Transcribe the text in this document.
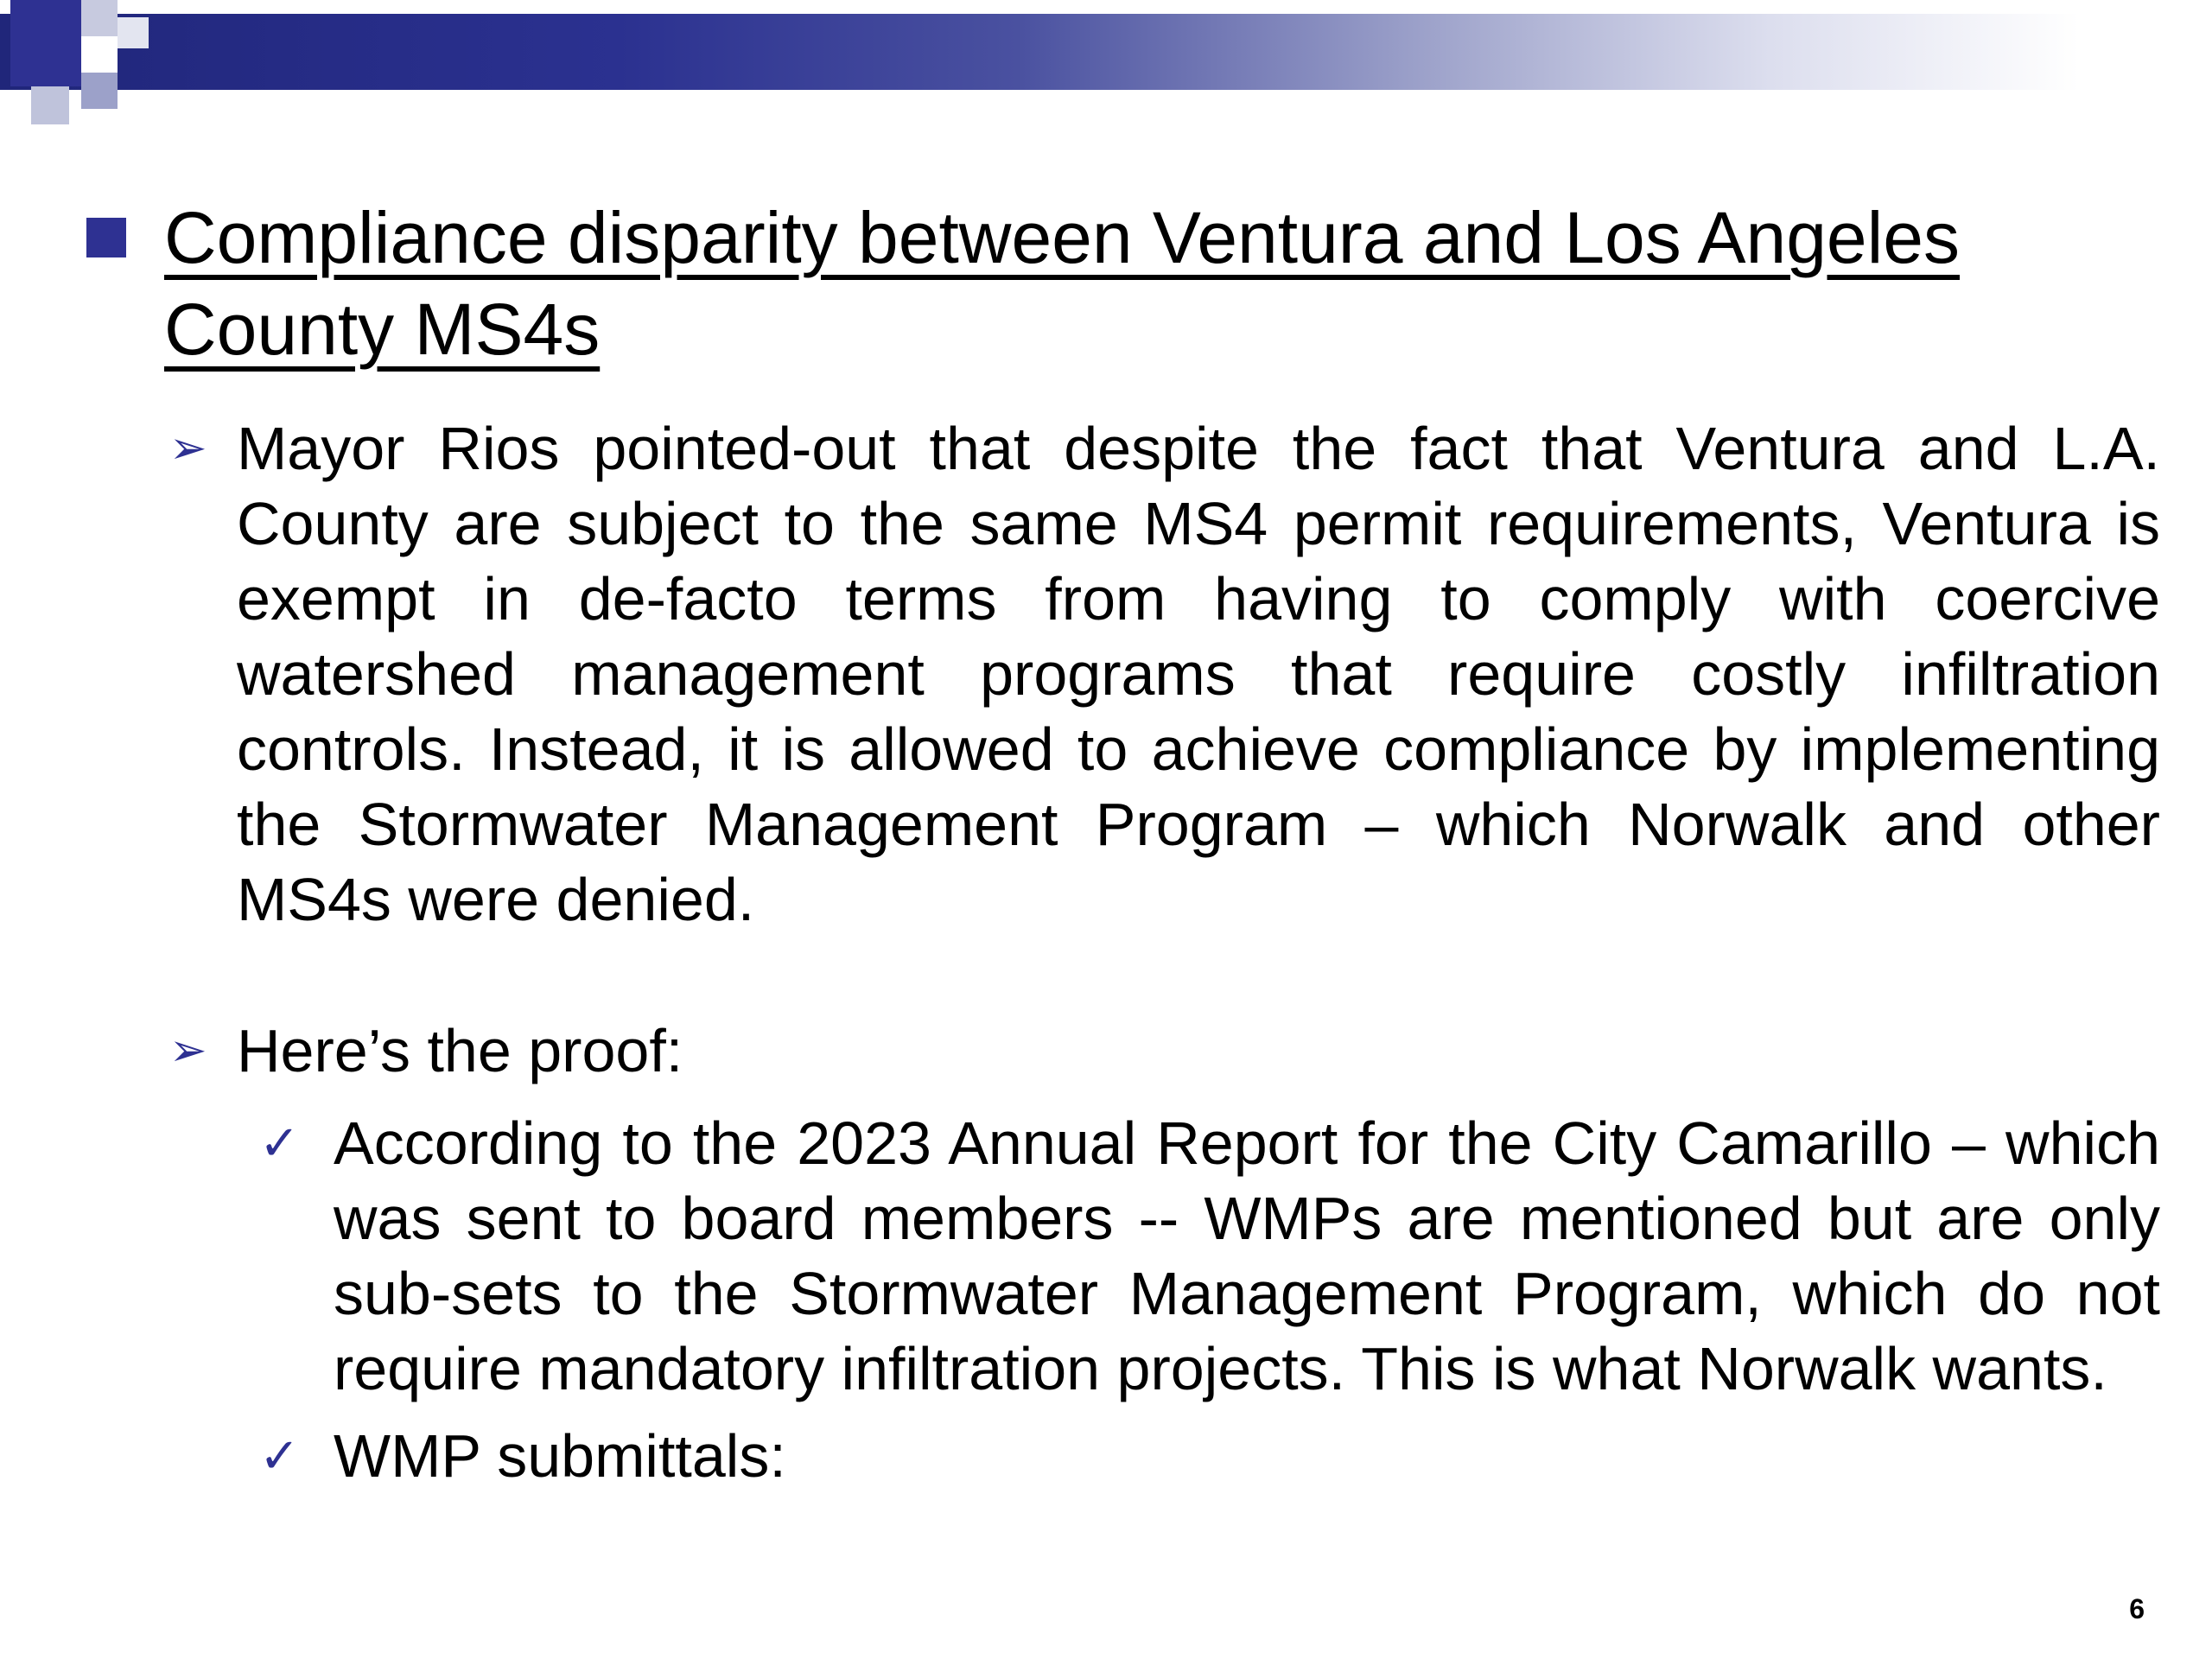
Compliance disparity between Ventura and Los Angeles
County MS4s
➢ Mayor Rios pointed-out that despite the fact that Ventura and L.A. County are subject to the same MS4 permit requirements, Ventura is exempt in de-facto terms from having to comply with coercive watershed management programs that require costly infiltration controls. Instead, it is allowed to achieve compliance by implementing the Stormwater Management Program – which Norwalk and other MS4s were denied.

➢ Here’s the proof:

✓ According to the 2023 Annual Report for the City Camarillo – which was sent to board members -- WMPs are mentioned but are only sub-sets to the Stormwater Management Program, which do not require mandatory infiltration projects. This is what Norwalk wants.

✓ WMP submittals:

6
